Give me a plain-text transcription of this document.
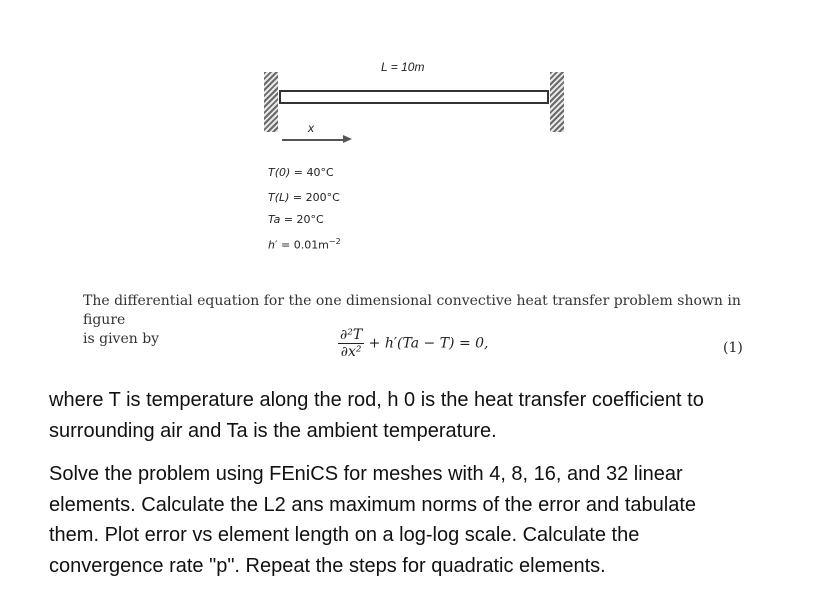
L = 10m
x
T(0) = 40°C
T(L) = 200°C
Ta = 20°C
$h' = 0.01m^{-2}$
The differential equation for the one dimensional convective heat transfer problem shown in figure
is given by	$\frac{\text{∂²T}}{\text{∂x²}} + h'(Ta - T) = 0$,	(1)
where T is temperature along the rod, h 0 is the heat transfer coefficient to
surrounding air and Ta is the ambient temperature.
Solve the problem using FEniCS for meshes with 4, 8, 16, and 32 linear
elements. Calculate the L2 ans maximum norms of the error and tabulate
them. Plot error vs element length on a log-log scale. Calculate the
convergence rate "p". Repeat the steps for quadratic elements.
